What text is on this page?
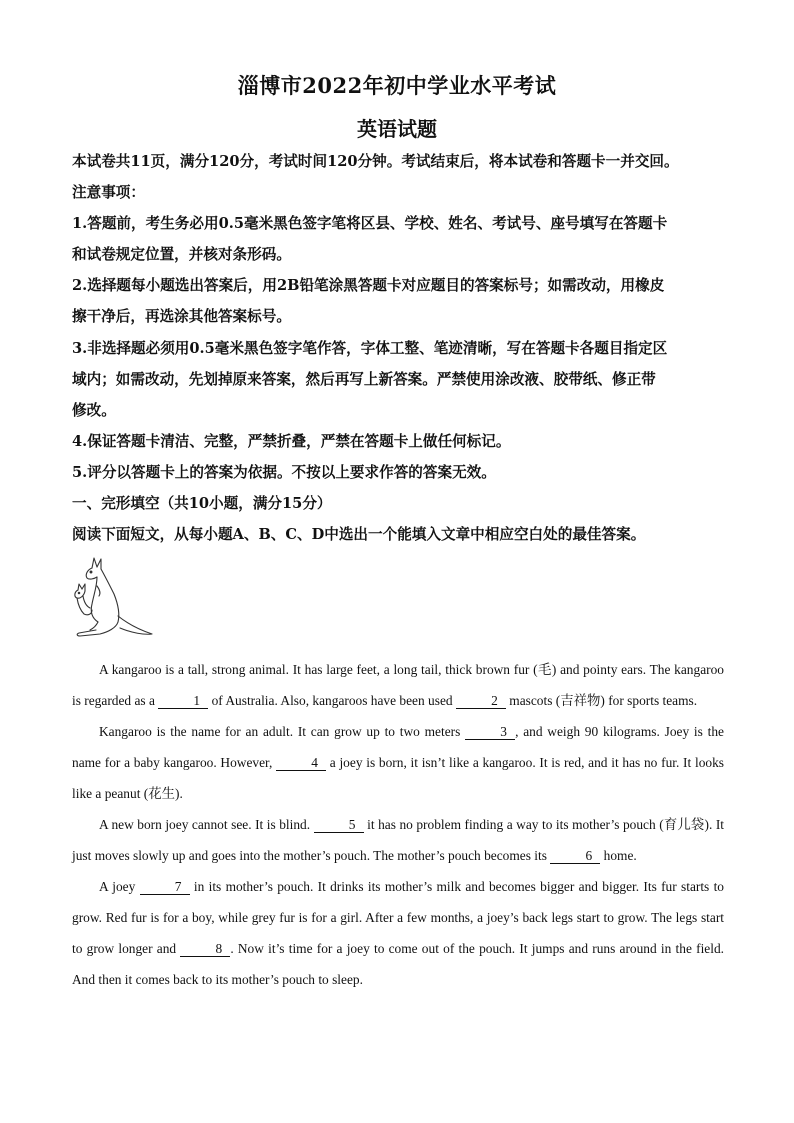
淄博市2022年初中学业水平考试
英语试题
本试卷共11页，满分120分，考试时间120分钟。考试结束后，将本试卷和答题卡一并交回。
注意事项：
1.答题前，考生务必用0.5毫米黑色签字笔将区县、学校、姓名、考试号、座号填写在答题卡
和试卷规定位置，并核对条形码。
2.选择题每小题选出答案后，用2B铅笔涂黑答题卡对应题目的答案标号；如需改动，用橡皮
擦干净后，再选涂其他答案标号。
3.非选择题必须用0.5毫米黑色签字笔作答，字体工整、笔迹清晰，写在答题卡各题目指定区
域内；如需改动，先划掉原来答案，然后再写上新答案。严禁使用涂改液、胶带纸、修正带
修改。
4.保证答题卡清洁、完整，严禁折叠，严禁在答题卡上做任何标记。
5.评分以答题卡上的答案为依据。不按以上要求作答的答案无效。
一、完形填空（共10小题，满分15分）
阅读下面短文，从每小题A、B、C、D中选出一个能填入文章中相应空白处的最佳答案。

A kangaroo is a tall, strong animal. It has large feet, a long tail, thick brown fur (毛) and pointy ears. The kangaroo is regarded as a	1 of Australia. Also, kangaroos have been used	2 mascots (吉祥物) for sports teams.

Kangaroo is the name for an adult. It can grow up to two meters	3 , and weigh 90 kilograms. Joey is the name for a baby kangaroo. However,	4 a joey is born, it isn’t like a kangaroo. It is red, and it has no fur. It looks like a peanut (花生).

A new born joey cannot see. It is blind.	5 it has no problem finding a way to its mother’s pouch (育儿袋). It just moves slowly up and goes into the mother’s pouch. The mother’s pouch becomes its	6 home.

A joey	7 in its mother’s pouch. It drinks its mother’s milk and becomes bigger and bigger. Its fur starts to grow. Red fur is for a boy, while grey fur is for a girl. After a few months, a joey’s back legs start to grow. The legs start to grow longer and	8 . Now it’s time for a joey to come out of the pouch. It jumps and runs around in the field. And then it comes back to its mother’s pouch to sleep.
